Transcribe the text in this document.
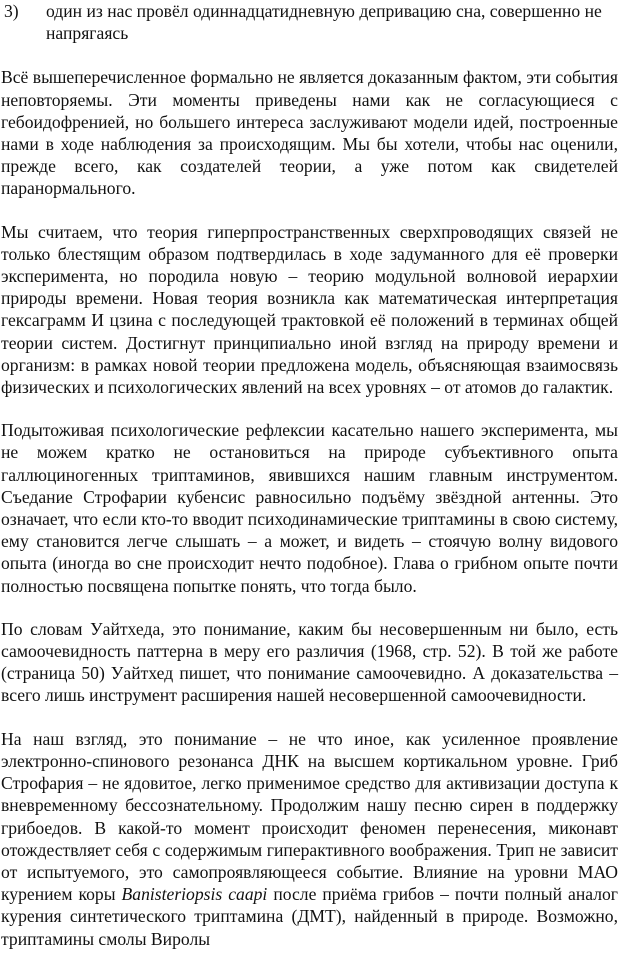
3)	один из нас провёл одиннадцатидневную депривацию сна, совершенно не напрягаясь

Всё вышеперечисленное формально не является доказанным фактом, эти события неповторяемы. Эти моменты приведены нами как не согласующиеся с гебоидофренией, но большего интереса заслуживают модели идей, построенные нами в ходе наблюдения за происходящим. Мы бы хотели, чтобы нас оценили, прежде всего, как создателей теории, а уже потом как свидетелей паранормального.

Мы считаем, что теория гиперпространственных сверхпроводящих связей не только блестящим образом подтвердилась в ходе задуманного для её проверки эксперимента, но породила новую – теорию модульной волновой иерархии природы времени. Новая теория возникла как математическая интерпретация гексаграмм И цзина с последующей трактовкой её положений в терминах общей теории систем. Достигнут принципиально иной взгляд на природу времени и организм: в рамках новой теории предложена модель, объясняющая взаимосвязь физических и психологических явлений на всех уровнях – от атомов до галактик.

Подытоживая психологические рефлексии касательно нашего эксперимента, мы не можем кратко не остановиться на природе субъективного опыта галлюциногенных триптаминов, явившихся нашим главным инструментом. Съедание Строфарии кубенсис равносильно подъёму звёздной антенны. Это означает, что если кто-то вводит психодинамические триптамины в свою систему, ему становится легче слышать – а может, и видеть – стоячую волну видового опыта (иногда во сне происходит нечто подобное). Глава о грибном опыте почти полностью посвящена попытке понять, что тогда было.

По словам Уайтхеда, это понимание, каким бы несовершенным ни было, есть самоочевидность паттерна в меру его различия (1968, стр. 52). В той же работе (страница 50) Уайтхед пишет, что понимание самоочевидно. А доказательства – всего лишь инструмент расширения нашей несовершенной самоочевидности.

На наш взгляд, это понимание – не что иное, как усиленное проявление электронно-спинового резонанса ДНК на высшем кортикальном уровне. Гриб Строфария – не ядовитое, легко применимое средство для активизации доступа к вневременному бессознательному. Продолжим нашу песню сирен в поддержку грибоедов. В какой-то момент происходит феномен перенесения, миконавт отождествляет себя с содержимым гиперактивного воображения. Трип не зависит от испытуемого, это самопроявляющееся событие. Влияние на уровни МАО курением коры Banisteriopsis caapi после приёма грибов – почти полный аналог курения синтетического триптамина (ДМТ), найденный в природе. Возможно, триптамины смолы Виролы
